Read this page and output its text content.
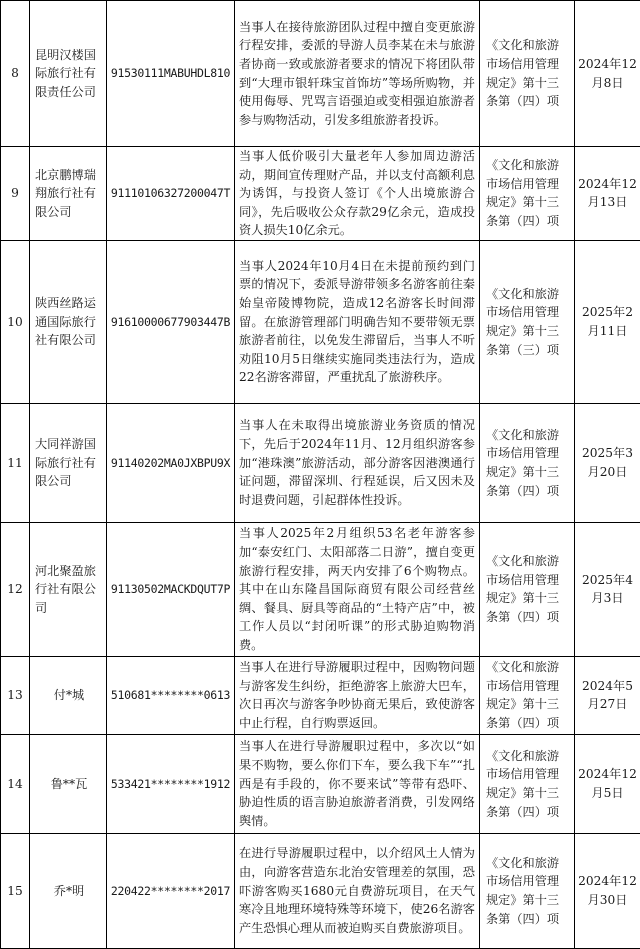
8	昆明汉楼国际旅行社有限责任公司	91530111MABUHDL810	当事人在接待旅游团队过程中擅自变更旅游行程安排，委派的导游人员李某在未与旅游者协商一致或旅游者要求的情况下将团队带到“大理市银轩珠宝首饰坊”等场所购物，并使用侮辱、咒骂言语强迫或变相强迫旅游者参与购物活动，引发多组旅游者投诉。	《文化和旅游市场信用管理规定》第十三条第（四）项	2024年12月8日
9	北京鹏博瑞翔旅行社有限公司	91110106327200047T	当事人低价吸引大量老年人参加周边游活动，期间宣传理财产品，并以支付高额利息为诱饵，与投资人签订《个人出境旅游合同》，先后吸收公众存款29亿余元，造成投资人损失10亿余元。	《文化和旅游市场信用管理规定》第十三条第（四）项	2024年12月13日
10	陕西丝路运通国际旅行社有限公司	91610000677903447B	当事人2024年10月4日在未提前预约到门票的情况下，委派导游带领多名游客前往秦始皇帝陵博物院，造成12名游客长时间滞留。在旅游管理部门明确告知不要带领无票旅游者前往，以免发生滞留后，当事人不听劝阻10月5日继续实施同类违法行为，造成22名游客滞留，严重扰乱了旅游秩序。	《文化和旅游市场信用管理规定》第十三条第（三）项	2025年2月11日
11	大同祥游国际旅行社有限公司	91140202MA0JXBPU9X	当事人在未取得出境旅游业务资质的情况下，先后于2024年11月、12月组织游客参加“港珠澳”旅游活动，部分游客因港澳通行证问题，滞留深圳、行程延误，后又因未及时退费问题，引起群体性投诉。	《文化和旅游市场信用管理规定》第十三条第（四）项	2025年3月20日
12	河北聚盈旅行社有限公司	91130502MACKDQUT7P	当事人2025年2月组织53名老年游客参加“泰安红门、太阳部落二日游”，擅自变更旅游行程安排，两天内安排了6个购物点。其中在山东隆昌国际商贸有限公司经营丝绸、餐具、厨具等商品的“土特产店”中，被工作人员以“封闭听课”的形式胁迫购物消费。	《文化和旅游市场信用管理规定》第十三条第（四）项	2025年4月3日
13	付*城	510681********0613	当事人在进行导游履职过程中，因购物问题与游客发生纠纷，拒绝游客上旅游大巴车，次日再次与游客争吵协商无果后，致使游客中止行程，自行购票返回。	《文化和旅游市场信用管理规定》第十三条第（四）项	2024年5月27日
14	鲁**瓦	533421********1912	当事人在进行导游履职过程中，多次以“如果不购物，要么你们下车，要么我下车”“扎西是有手段的，你不要来试”等带有恐吓、胁迫性质的语言胁迫旅游者消费，引发网络舆情。	《文化和旅游市场信用管理规定》第十三条第（四）项	2024年12月5日
15	乔*明	220422********2017	在进行导游履职过程中，以介绍风土人情为由，向游客营造东北治安管理差的氛围，恐吓游客购买1680元自费游玩项目，在天气寒冷且地理环境特殊等环境下，使26名游客产生恐惧心理从而被迫购买自费旅游项目。	《文化和旅游市场信用管理规定》第十三条第（四）项	2024年12月30日
